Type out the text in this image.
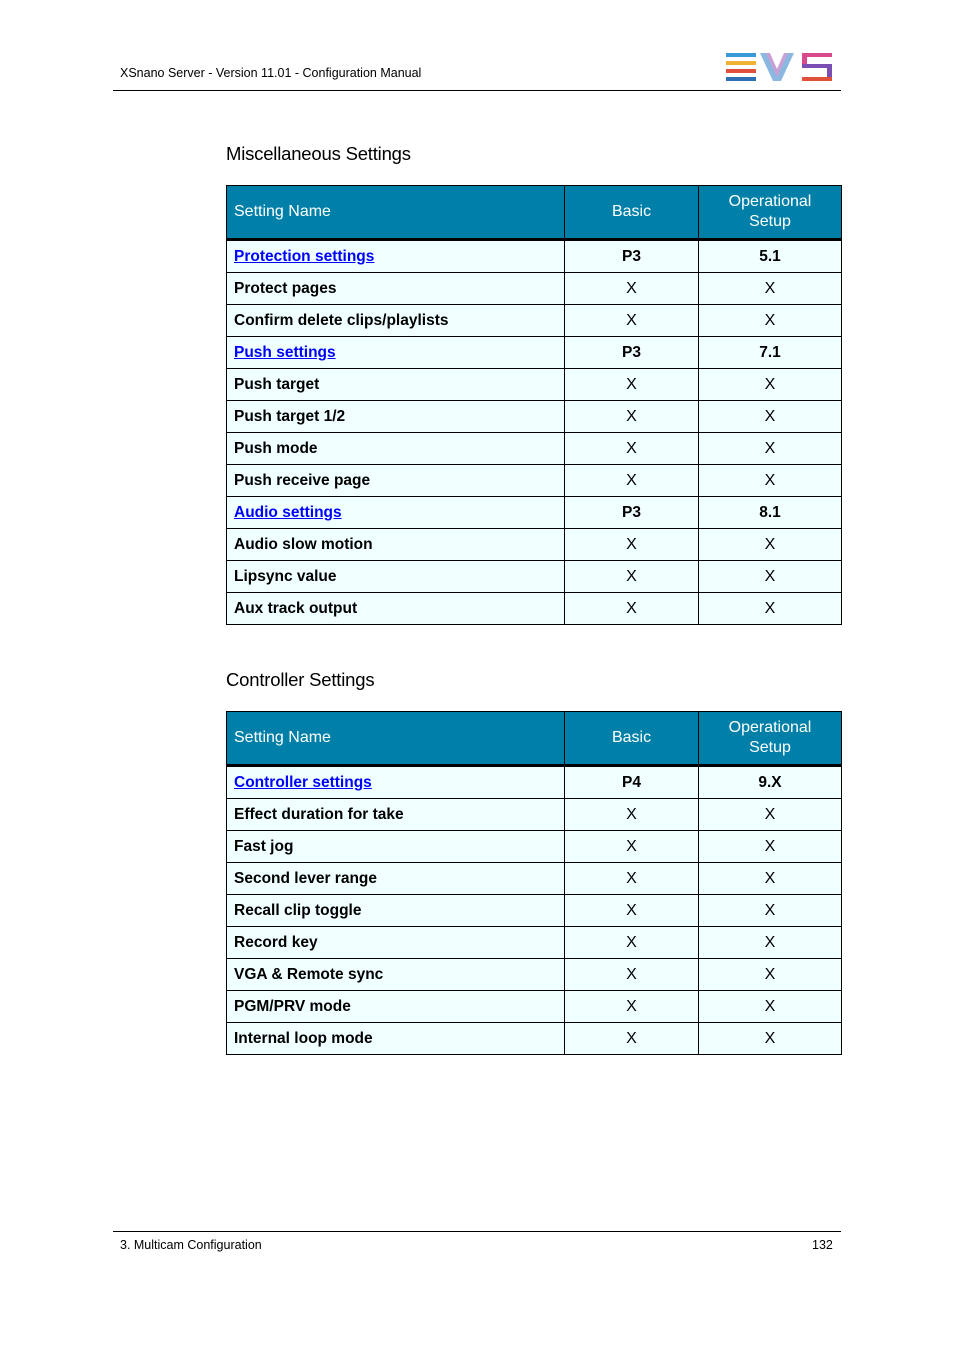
XSnano Server - Version 11.01 - Configuration Manual
Miscellaneous Settings
Setting Name	Basic	Operational Setup
Protection settings	P3	5.1
Protect pages	X	X
Confirm delete clips/playlists	X	X
Push settings	P3	7.1
Push target	X	X
Push target 1/2	X	X
Push mode	X	X
Push receive page	X	X
Audio settings	P3	8.1
Audio slow motion	X	X
Lipsync value	X	X
Aux track output	X	X
Controller Settings
Setting Name	Basic	Operational Setup
Controller settings	P4	9.X
Effect duration for take	X	X
Fast jog	X	X
Second lever range	X	X
Recall clip toggle	X	X
Record key	X	X
VGA & Remote sync	X	X
PGM/PRV mode	X	X
Internal loop mode	X	X
3. Multicam Configuration	132
